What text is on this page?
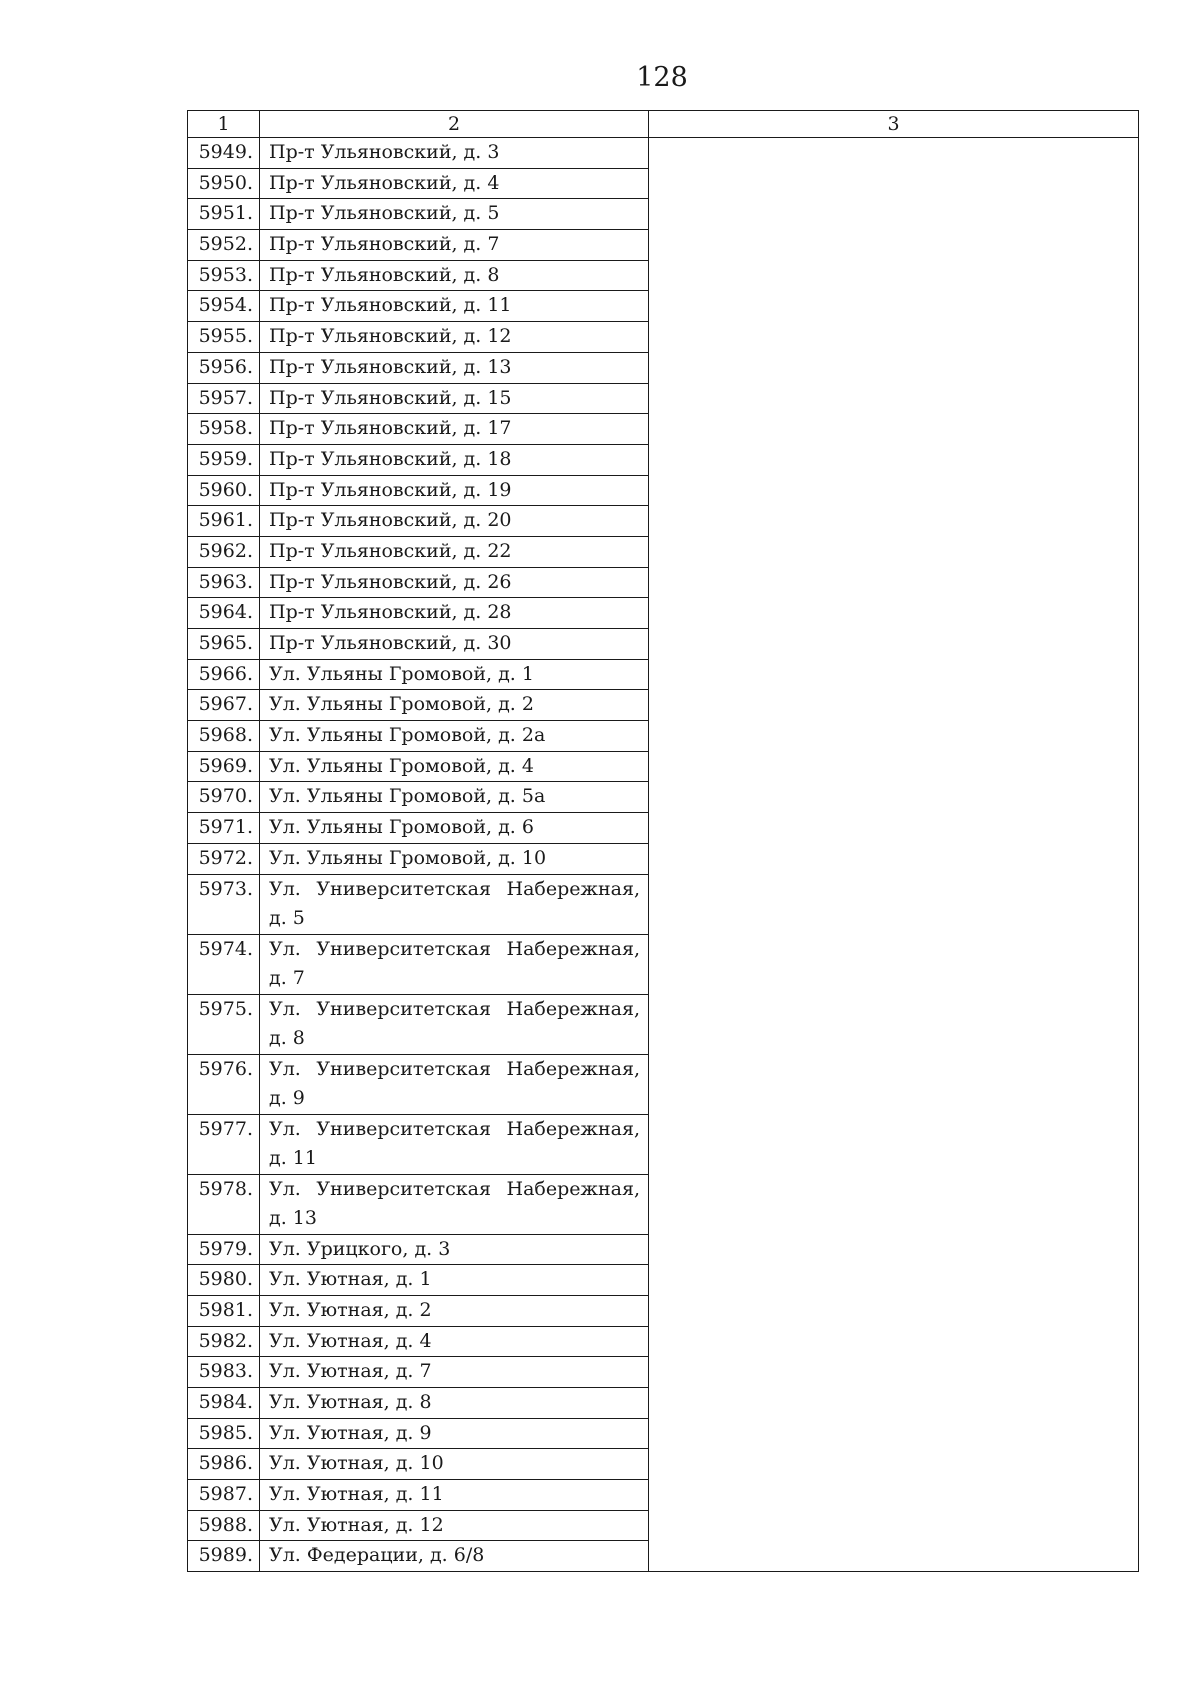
128
1	2	3
5949.	Пр-т Ульяновский, д. 3	
5950.	Пр-т Ульяновский, д. 4	
5951.	Пр-т Ульяновский, д. 5	
5952.	Пр-т Ульяновский, д. 7	
5953.	Пр-т Ульяновский, д. 8	
5954.	Пр-т Ульяновский, д. 11	
5955.	Пр-т Ульяновский, д. 12	
5956.	Пр-т Ульяновский, д. 13	
5957.	Пр-т Ульяновский, д. 15	
5958.	Пр-т Ульяновский, д. 17	
5959.	Пр-т Ульяновский, д. 18	
5960.	Пр-т Ульяновский, д. 19	
5961.	Пр-т Ульяновский, д. 20	
5962.	Пр-т Ульяновский, д. 22	
5963.	Пр-т Ульяновский, д. 26	
5964.	Пр-т Ульяновский, д. 28	
5965.	Пр-т Ульяновский, д. 30	
5966.	Ул. Ульяны Громовой, д. 1	
5967.	Ул. Ульяны Громовой, д. 2	
5968.	Ул. Ульяны Громовой, д. 2а	
5969.	Ул. Ульяны Громовой, д. 4	
5970.	Ул. Ульяны Громовой, д. 5а	
5971.	Ул. Ульяны Громовой, д. 6	
5972.	Ул. Ульяны Громовой, д. 10	
5973.	Ул. Университетская Набережная, д. 5	
5974.	Ул. Университетская Набережная, д. 7	
5975.	Ул. Университетская Набережная, д. 8	
5976.	Ул. Университетская Набережная, д. 9	
5977.	Ул. Университетская Набережная, д. 11	
5978.	Ул. Университетская Набережная, д. 13	
5979.	Ул. Урицкого, д. 3	
5980.	Ул. Уютная, д. 1	
5981.	Ул. Уютная, д. 2	
5982.	Ул. Уютная, д. 4	
5983.	Ул. Уютная, д. 7	
5984.	Ул. Уютная, д. 8	
5985.	Ул. Уютная, д. 9	
5986.	Ул. Уютная, д. 10	
5987.	Ул. Уютная, д. 11	
5988.	Ул. Уютная, д. 12	
5989.	Ул. Федерации, д. 6/8	
